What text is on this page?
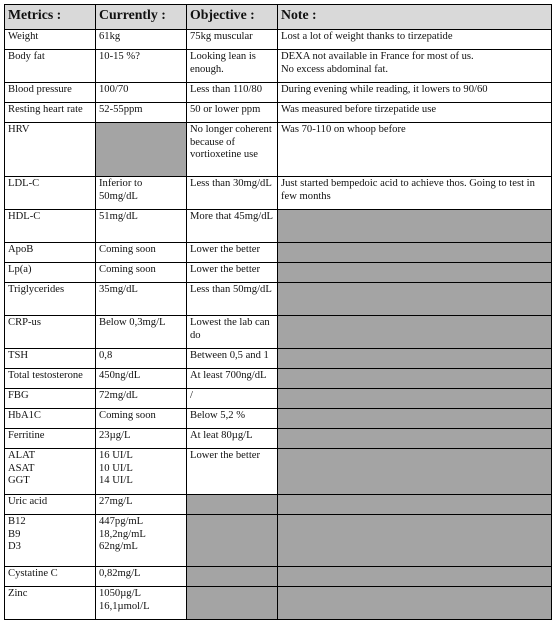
Metrics :	Currently :	Objective :	Note :
Weight	61kg	75kg muscular	Lost a lot of weight thanks to tirzepatide
Body fat	10-15 %?	Looking lean is enough.	DEXA not available in France for most of us.
No excess abdominal fat.

Blood pressure	100/70	Less than 110/80	During evening while reading, it lowers to 90/60
Resting heart rate	52-55ppm	50 or lower ppm	Was measured before tirzepatide use
HRV		No longer coherent because of vortioxetine use	Was 70-110 on whoop before
LDL-C	Inferior to 50mg/dL	Less than 30mg/dL	Just started bempedoic acid to achieve thos. Going to test in few months
HDL-C	51mg/dL	More that 45mg/dL	
ApoB	Coming soon	Lower the better	
Lp(a)	Coming soon	Lower the better	
Triglycerides	35mg/dL	Less than 50mg/dL	
CRP-us	Below 0,3mg/L	Lowest the lab can do	
TSH	0,8	Between 0,5 and 1	
Total testosterone	450ng/dL	At least 700ng/dL	
FBG	72mg/dL	/	
HbA1C	Coming soon	Below 5,2 %	
Ferritine	23µg/L	At leat 80µg/L	

ALAT
ASAT
GGT	16 UI/L
10 UI/L
14 UI/L	Lower the better	
Uric acid	27mg/L		

B12
B9
D3	447pg/mL
18,2ng/mL
62ng/mL		

Cystatine C	0,82mg/L		
Zinc	1050µg/L
16,1µmol/L		
